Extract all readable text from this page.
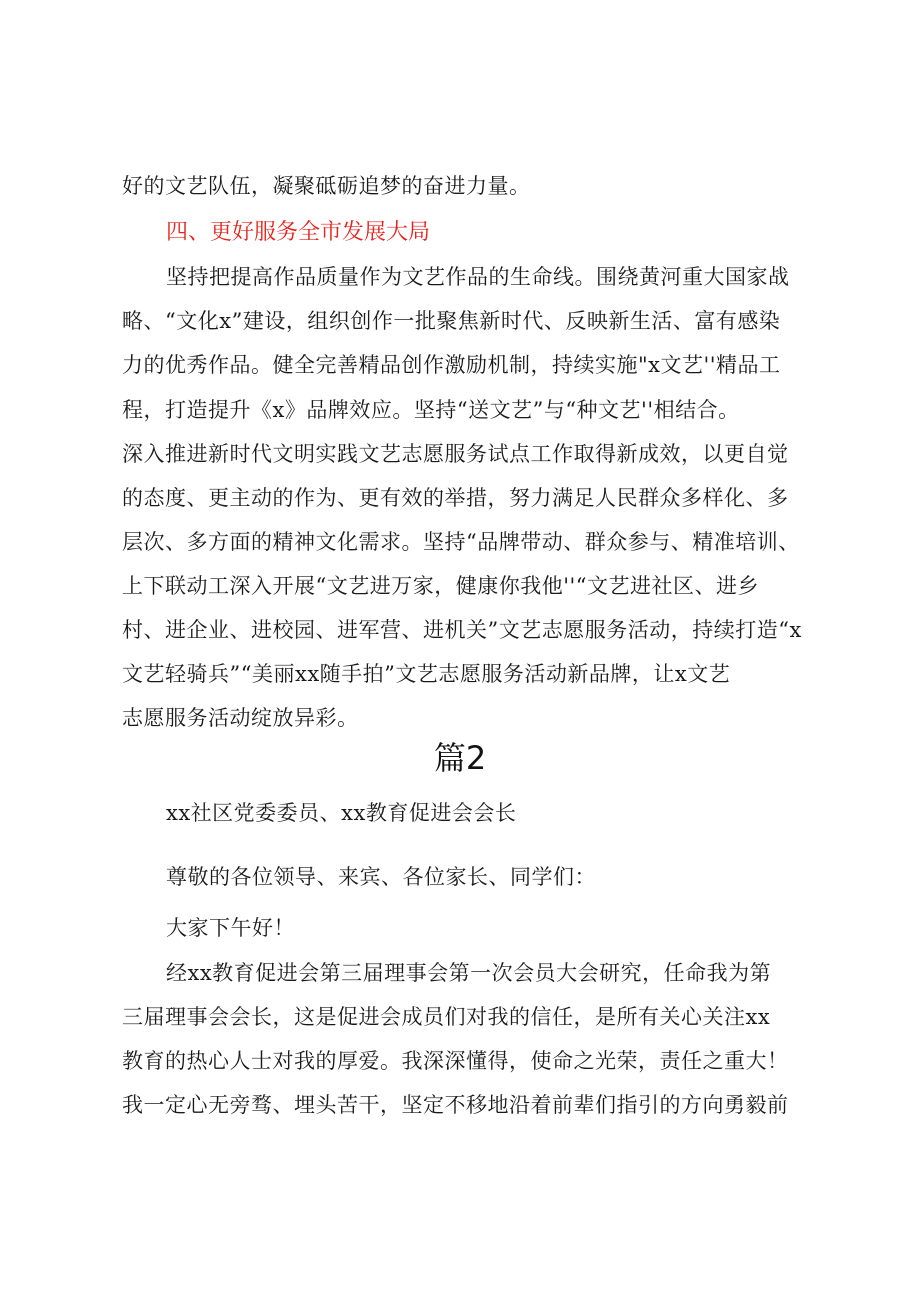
好的文艺队伍，凝聚砥砺追梦的奋进力量。
四、更好服务全市发展大局
坚持把提高作品质量作为文艺作品的生命线。围绕黄河重大国家战
略、“文化x”建设，组织创作一批聚焦新时代、反映新生活、富有感染
力的优秀作品。健全完善精品创作激励机制，持续实施"x文艺''精品工
程，打造提升《x》品牌效应。坚持“送文艺”与“种文艺''相结合。
深入推进新时代文明实践文艺志愿服务试点工作取得新成效，以更自觉
的态度、更主动的作为、更有效的举措，努力满足人民群众多样化、多
层次、多方面的精神文化需求。坚持“品牌带动、群众参与、精准培训、
上下联动工深入开展“文艺进万家，健康你我他''“文艺进社区、进乡
村、进企业、进校园、进军营、进机关”文艺志愿服务活动，持续打造“x
文艺轻骑兵”“美丽xx随手拍”文艺志愿服务活动新品牌，让x文艺
志愿服务活动绽放异彩。
篇2
xx社区党委委员、xx教育促进会会长
尊敬的各位领导、来宾、各位家长、同学们：
大家下午好！
经xx教育促进会第三届理事会第一次会员大会研究，任命我为第
三届理事会会长，这是促进会成员们对我的信任，是所有关心关注xx
教育的热心人士对我的厚爱。我深深懂得，使命之光荣，责任之重大！
我一定心无旁骛、埋头苦干，坚定不移地沿着前辈们指引的方向勇毅前
